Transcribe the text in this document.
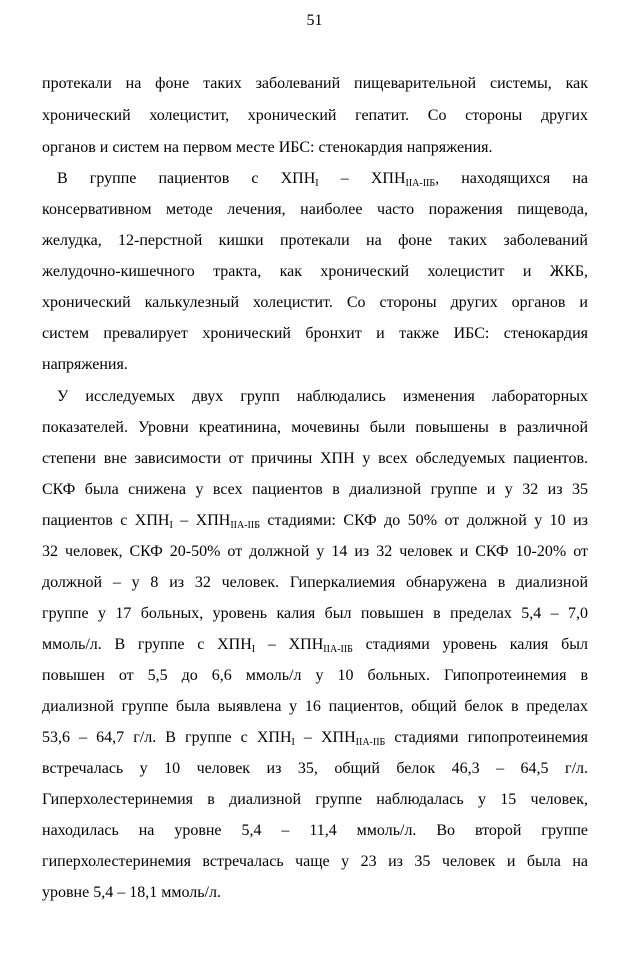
51
протекали на фоне таких заболеваний пищеварительной системы, как
хронический холецистит, хронический гепатит. Со стороны других
органов и систем на первом месте ИБС: стенокардия напряжения.
В группе пациентов с $ХПН_I - ХПН_{IIA-IIБ}$, находящихся на
консервативном методе лечения, наиболее часто поражения пищевода,
желудка, 12-перстной кишки протекали на фоне таких заболеваний
желудочно-кишечного тракта, как хронический холецистит и ЖКБ,
хронический калькулезный холецистит. Со стороны других органов и
систем превалирует хронический бронхит и также ИБС: стенокардия
напряжения.
У исследуемых двух групп наблюдались изменения лабораторных
показателей. Уровни креатинина, мочевины были повышены в различной
степени вне зависимости от причины ХПН у всех обследуемых пациентов.
СКФ была снижена у всех пациентов в диализной группе и у 32 из 35
пациентов с $ХПН_I - ХПН_{IIA-IIБ}$ стадиями: СКФ до 50% от должной у 10 из
32 человек, СКФ 20-50% от должной у 14 из 32 человек и СКФ 10-20% от
должной – у 8 из 32 человек. Гиперкалиемия обнаружена в диализной
группе у 17 больных, уровень калия был повышен в пределах 5,4 – 7,0
ммоль/л. В группе с $ХПН_I - ХПН_{IIA-IIБ}$ стадиями уровень калия был
повышен от 5,5 до 6,6 ммоль/л у 10 больных. Гипопротеинемия в
диализной группе была выявлена у 16 пациентов, общий белок в пределах
53,6 – 64,7 г/л. В группе с $ХПН_I - ХПН_{IIA-IIБ}$ стадиями гипопротеинемия
встречалась у 10 человек из 35, общий белок 46,3 – 64,5 г/л.
Гиперхолестеринемия в диализной группе наблюдалась у 15 человек,
находилась на уровне 5,4 – 11,4 ммоль/л. Во второй группе
гиперхолестеринемия встречалась чаще у 23 из 35 человек и была на
уровне 5,4 – 18,1 ммоль/л.
